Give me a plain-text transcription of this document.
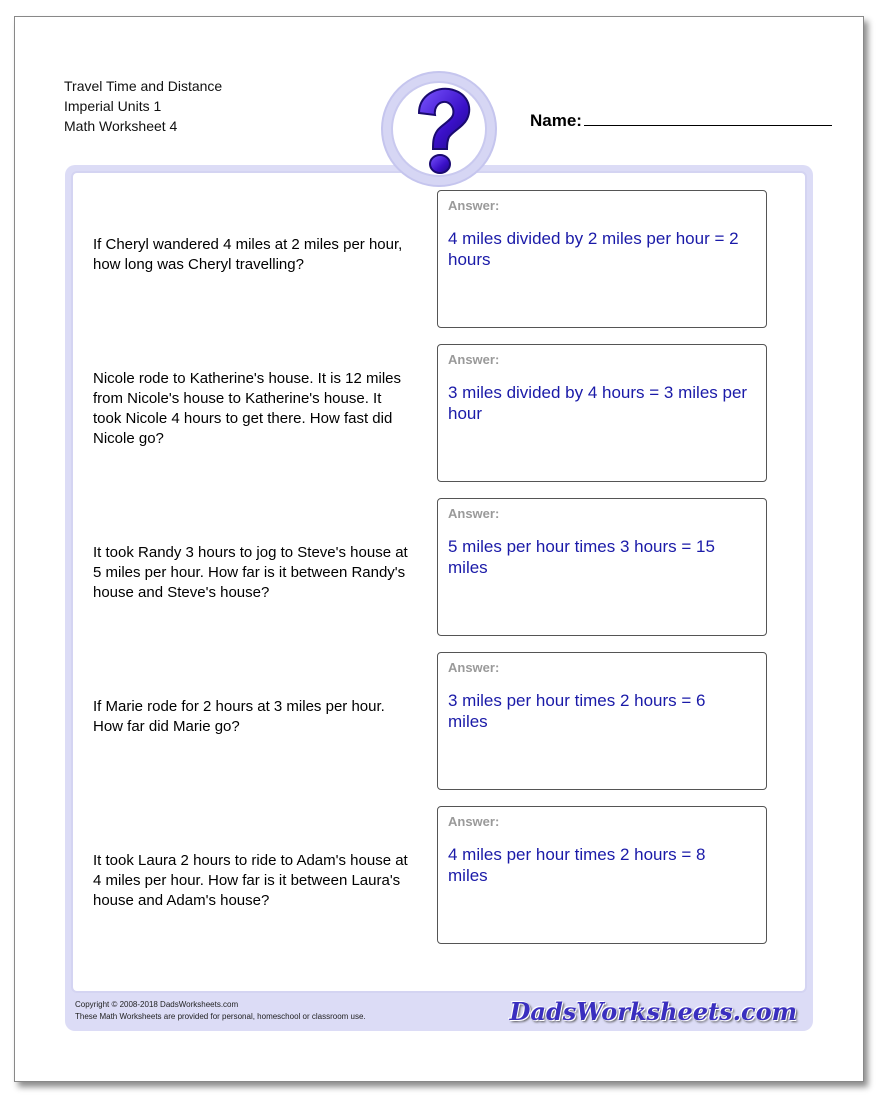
Travel Time and Distance
Imperial Units 1
Math Worksheet 4	Name:
If Cheryl wandered 4 miles at 2 miles per hour, how long was Cheryl travelling?
Answer:
4 miles divided by 2 miles per hour = 2 hours
Nicole rode to Katherine's house. It is 12 miles from Nicole's house to Katherine's house. It took Nicole 4 hours to get there. How fast did Nicole go?
Answer:
3 miles divided by 4 hours = 3 miles per hour
It took Randy 3 hours to jog to Steve's house at 5 miles per hour. How far is it between Randy's house and Steve's house?
Answer:
5 miles per hour times 3 hours = 15 miles
If Marie rode for 2 hours at 3 miles per hour. How far did Marie go?
Answer:
3 miles per hour times 2 hours = 6 miles
It took Laura 2 hours to ride to Adam's house at 4 miles per hour. How far is it between Laura's house and Adam's house?
Answer:
4 miles per hour times 2 hours = 8 miles
Copyright © 2008-2018 DadsWorksheets.com
These Math Worksheets are provided for personal, homeschool or classroom use.	DadsWorksheets.com
